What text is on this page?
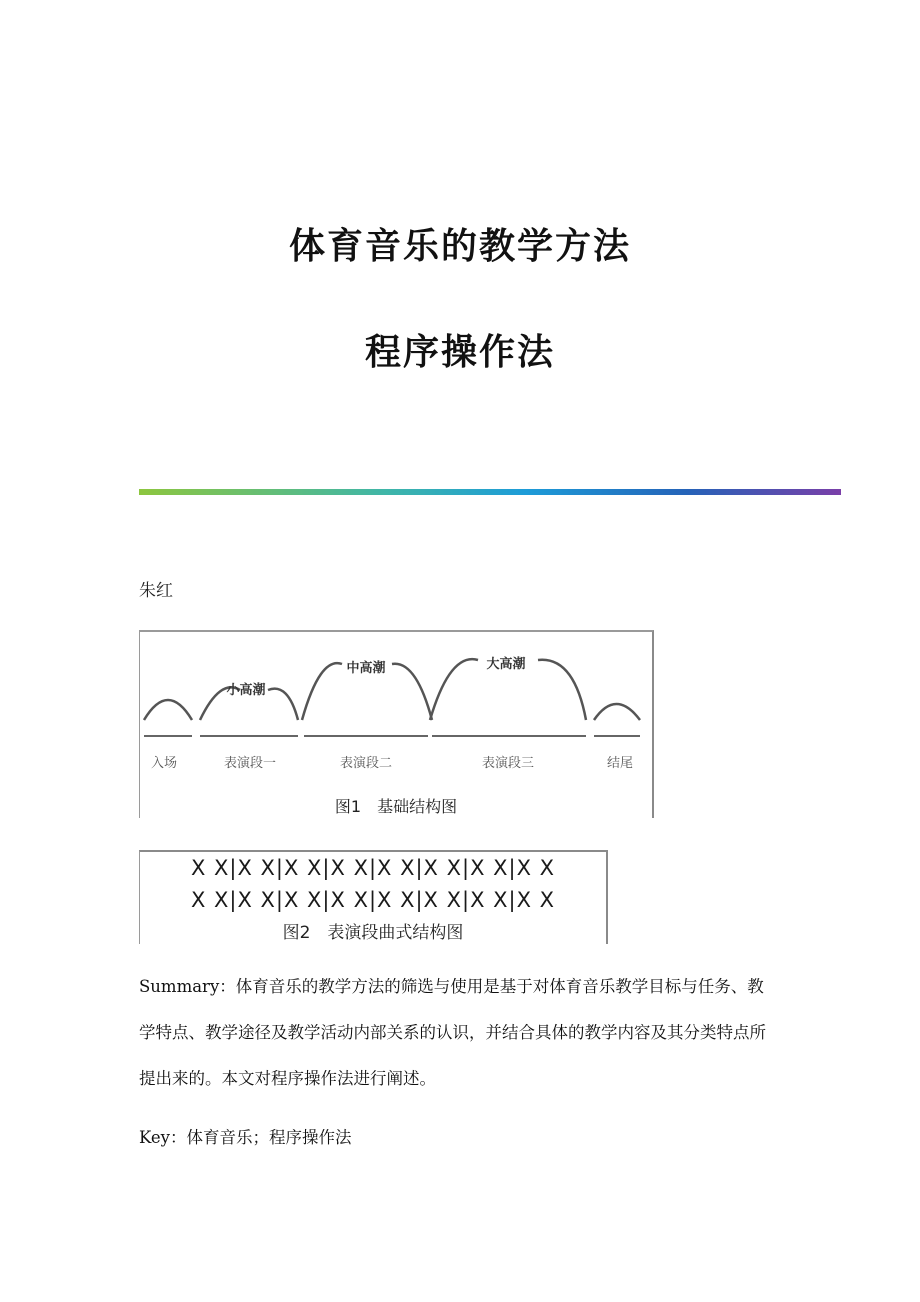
体育音乐的教学方法
程序操作法
朱红
小高潮
中高潮	大高潮
入场	表演段一	表演段二	表演段三	结尾
图1　基础结构图
X X|X X|X X|X X|X X|X X|X X|X X
X X|X X|X X|X X|X X|X X|X X|X X
图2　表演段曲式结构图
Summary：体育音乐的教学方法的筛选与使用是基于对体育音乐教学目标与任务、教学特点、教学途径及教学活动内部关系的认识，并结合具体的教学内容及其分类特点所提出来的。本文对程序操作法进行阐述。
Key：体育音乐；程序操作法
